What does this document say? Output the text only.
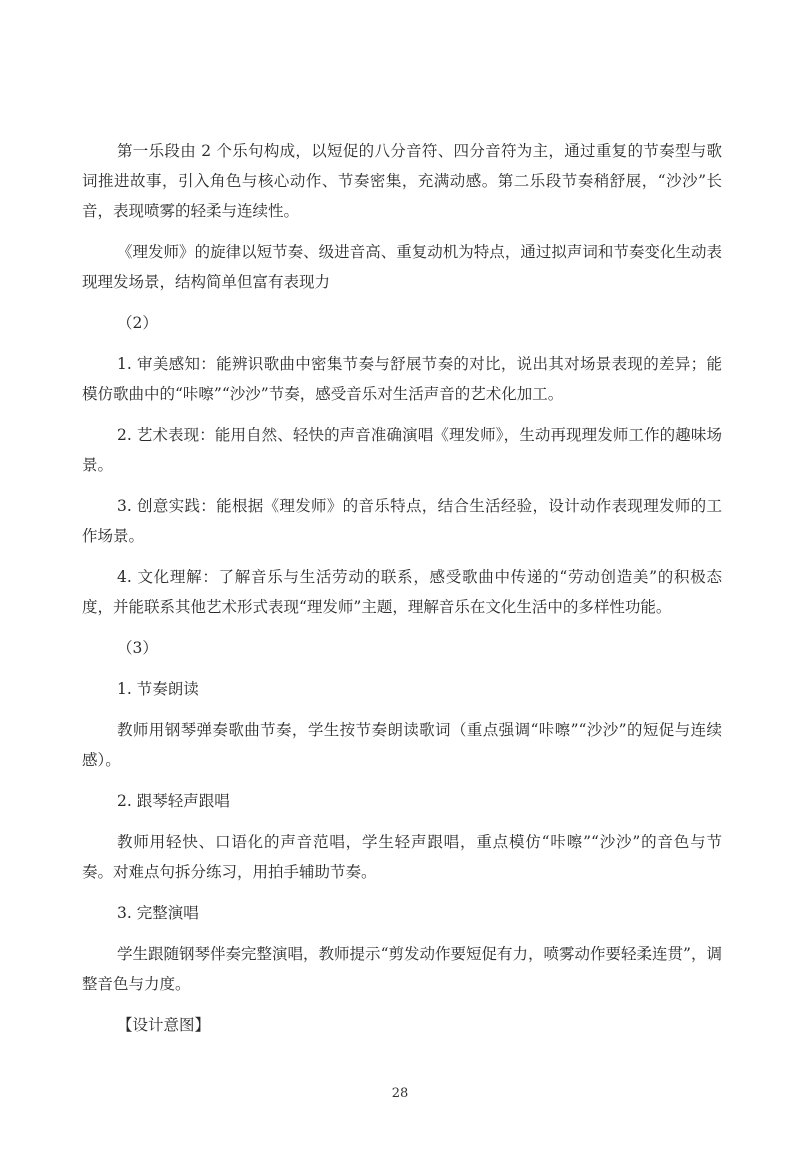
第一乐段由 2 个乐句构成，以短促的八分音符、四分音符为主，通过重复的节奏型与歌词推进故事，引入角色与核心动作、节奏密集，充满动感。第二乐段节奏稍舒展，“沙沙”长音，表现喷雾的轻柔与连续性。

《理发师》的旋律以短节奏、级进音高、重复动机为特点，通过拟声词和节奏变化生动表现理发场景，结构简单但富有表现力

（2）

1. 审美感知：能辨识歌曲中密集节奏与舒展节奏的对比，说出其对场景表现的差异；能模仿歌曲中的“咔嚓”“沙沙”节奏，感受音乐对生活声音的艺术化加工。

2. 艺术表现：能用自然、轻快的声音准确演唱《理发师》，生动再现理发师工作的趣味场景。

3. 创意实践：能根据《理发师》的音乐特点，结合生活经验，设计动作表现理发师的工作场景。

4. 文化理解：了解音乐与生活劳动的联系，感受歌曲中传递的“劳动创造美”的积极态度，并能联系其他艺术形式表现“理发师”主题，理解音乐在文化生活中的多样性功能。

（3）

1. 节奏朗读

教师用钢琴弹奏歌曲节奏，学生按节奏朗读歌词（重点强调“咔嚓”“沙沙”的短促与连续感）。

2. 跟琴轻声跟唱

教师用轻快、口语化的声音范唱，学生轻声跟唱，重点模仿“咔嚓”“沙沙”的音色与节奏。对难点句拆分练习，用拍手辅助节奏。

3. 完整演唱

学生跟随钢琴伴奏完整演唱，教师提示“剪发动作要短促有力，喷雾动作要轻柔连贯”，调整音色与力度。

【设计意图】

28
